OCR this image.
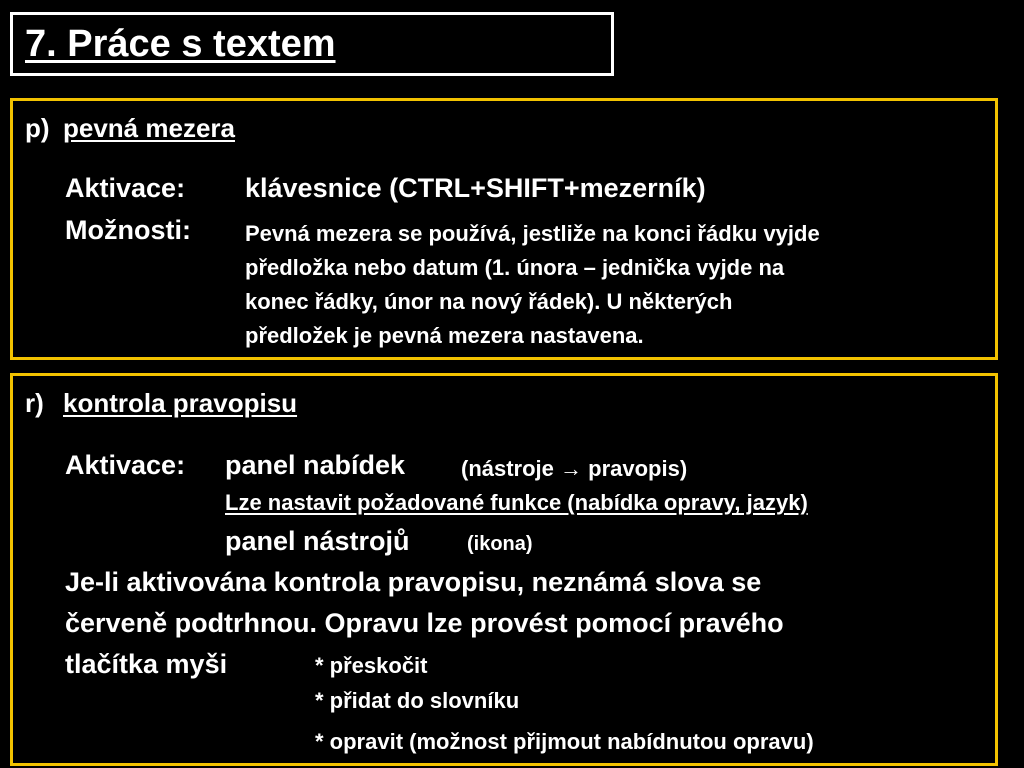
7. Práce s textem
p) pevná mezera
Aktivace: klávesnice (CTRL+SHIFT+mezerník)
Možnosti: Pevná mezera se používá, jestliže na konci řádku vyjde
předložka nebo datum (1. února – jednička vyjde na
konec řádky, únor na nový řádek). U některých
předložek je pevná mezera nastavena.
r) kontrola pravopisu
Aktivace: panel nabídek	(nástroje → pravopis)
Lze nastavit požadované funkce (nabídka opravy, jazyk)
panel nástrojů	(ikona)
Je-li aktivována kontrola pravopisu, neznámá slova se
červeně podtrhnou. Opravu lze provést pomocí pravého
tlačítka myši	* přeskočit
* přidat do slovníku
* opravit (možnost přijmout nabídnutou opravu)
